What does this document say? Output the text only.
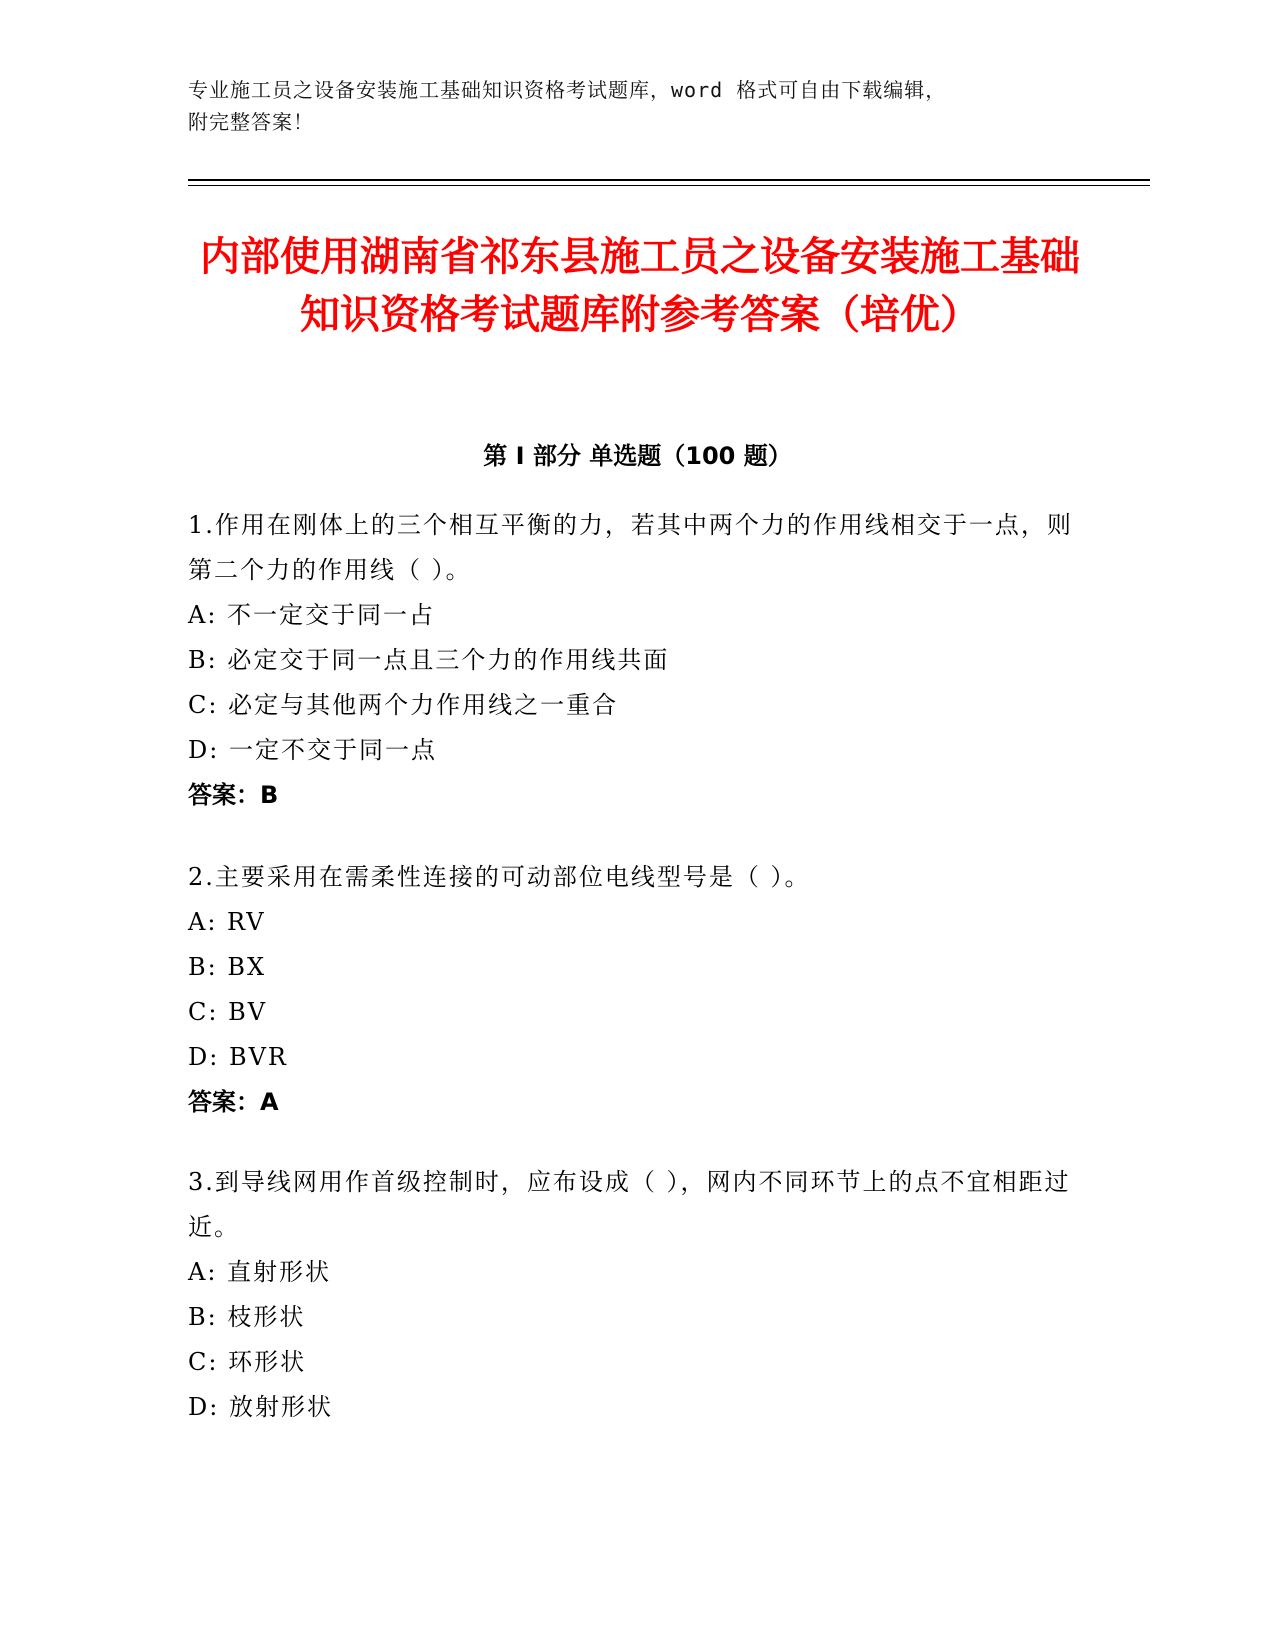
专业施工员之设备安装施工基础知识资格考试题库，word 格式可自由下载编辑，
附完整答案！
内部使用湖南省祁东县施工员之设备安装施工基础知识资格考试题库附参考答案（培优）
第 I 部分 单选题（100 题）
1.作用在刚体上的三个相互平衡的力，若其中两个力的作用线相交于一点，则第二个力的作用线（ ）。
A: 不一定交于同一占
B: 必定交于同一点且三个力的作用线共面
C: 必定与其他两个力作用线之一重合
D: 一定不交于同一点
答案：B
2.主要采用在需柔性连接的可动部位电线型号是（ ）。
A: RV
B: BX
C: BV
D: BVR
答案：A
3.到导线网用作首级控制时，应布设成（ ），网内不同环节上的点不宜相距过近。
A: 直射形状
B: 枝形状
C: 环形状
D: 放射形状
